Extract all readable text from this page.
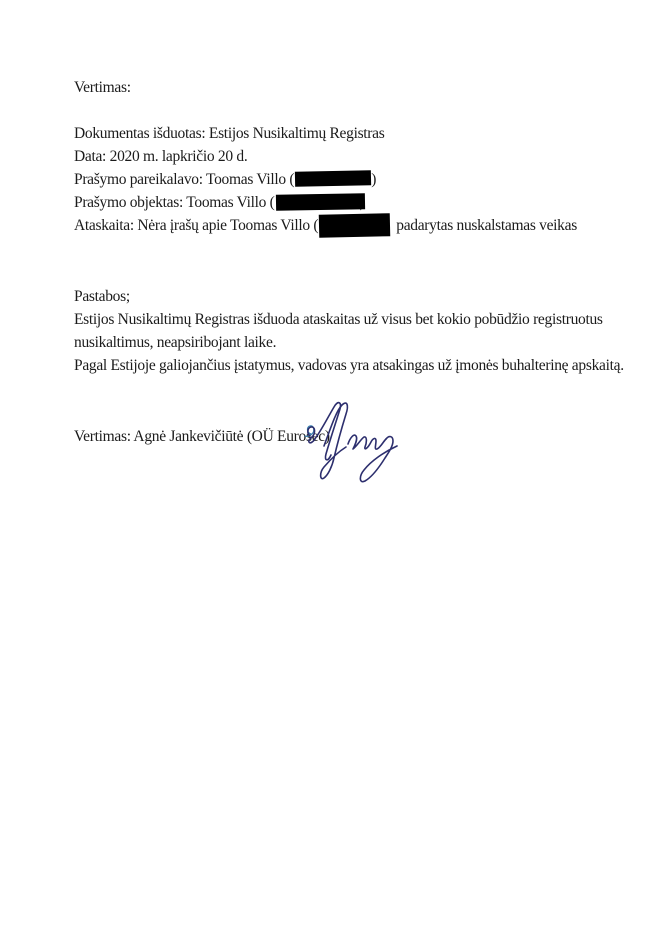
Vertimas:
Dokumentas išduotas: Estijos Nusikaltimų Registras
Data: 2020 m. lapkričio 20 d.
Prašymo pareikalavo: Toomas Villo (	)
Prašymo objektas: Toomas Villo (
Ataskaita: Nėra įrašų apie Toomas Villo (	padarytas nuskalstamas veikas
Pastabos;
Estijos Nusikaltimų Registras išduoda ataskaitas už visus bet kokio pobūdžio registruotus
nusikaltimus, neapsiribojant laike.
Pagal Estijoje galiojančius įstatymus, vadovas yra atsakingas už įmonės buhalterinę apskaitą.
Vertimas: Agnė Jankevičiūtė (OÜ Eurosec)
